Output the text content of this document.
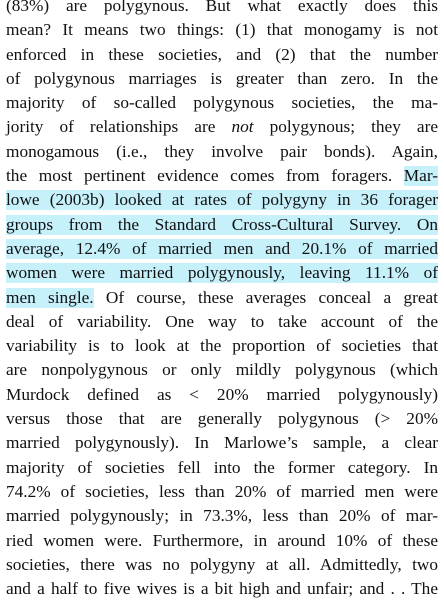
(83%) are polygynous. But what exactly does this
mean? It means two things: (1) that monogamy is not
enforced in these societies, and (2) that the number
of polygynous marriages is greater than zero. In the
majority of so-called polygynous societies, the ma-
jority of relationships are not polygynous; they are
monogamous (i.e., they involve pair bonds). Again,
the most pertinent evidence comes from foragers. Mar-
lowe (2003b) looked at rates of polygyny in 36 forager
groups from the Standard Cross-Cultural Survey. On
average, 12.4% of married men and 20.1% of married
women were married polygynously, leaving 11.1% of
men single. Of course, these averages conceal a great
deal of variability. One way to take account of the
variability is to look at the proportion of societies that
are nonpolygynous or only mildly polygynous (which
Murdock defined as < 20% married polygynously)
versus those that are generally polygynous (> 20%
married polygynously). In Marlowe’s sample, a clear
majority of societies fell into the former category. In
74.2% of societies, less than 20% of married men were
married polygynously; in 73.3%, less than 20% of mar-
ried women were. Furthermore, in around 10% of these
societies, there was no polygyny at all. Admittedly, two
and a half to five wives is a bit high and unfair; and . . The
